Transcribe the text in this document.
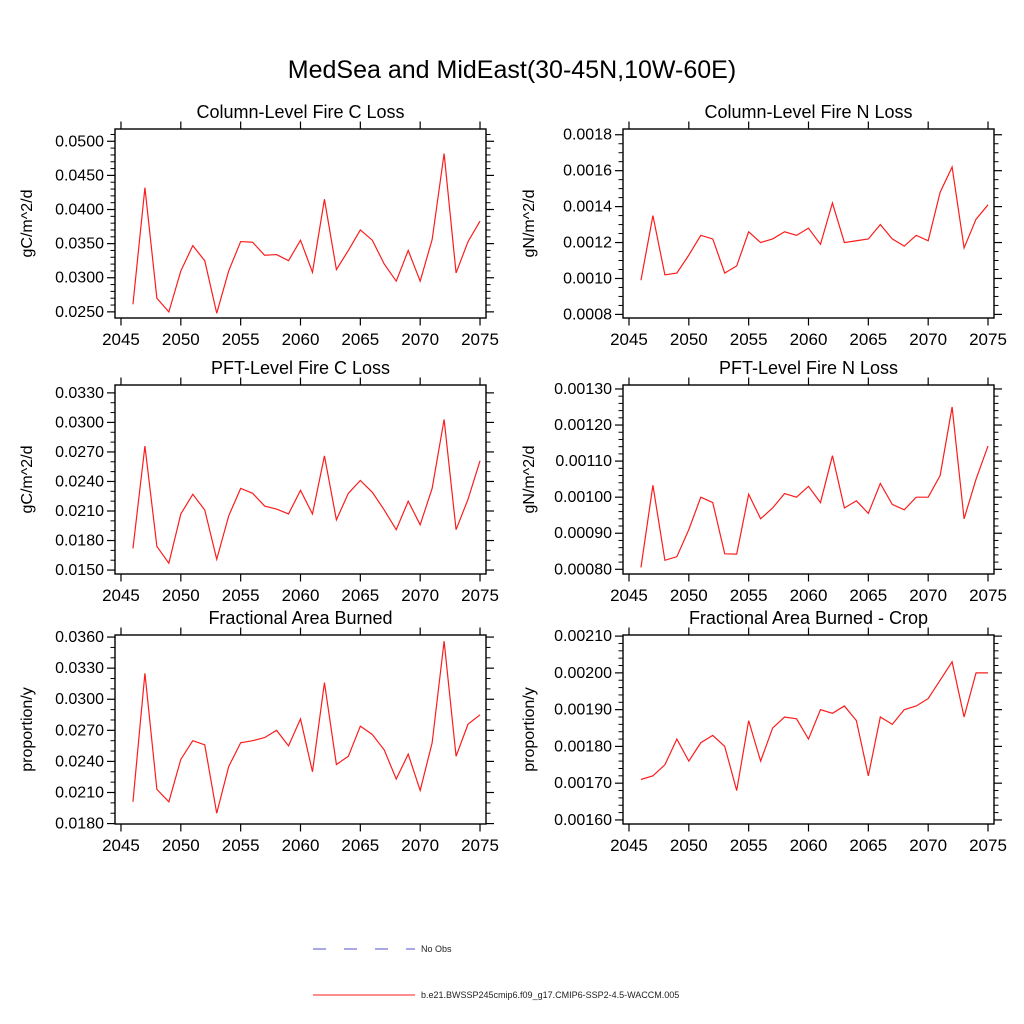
MedSea and MidEast(30-45N,10W-60E)
Column-Level Fire C Loss
gC/m^2/d
2045 2050 2055 2060 2065 2070 2075
0.0250
0.0300
0.0350
0.0400
0.0450
0.0500
Column-Level Fire N Loss
gN/m^2/d
2045 2050 2055 2060 2065 2070 2075
0.0008
0.0010
0.0012
0.0014
0.0016
0.0018
PFT-Level Fire C Loss
gC/m^2/d
2045 2050 2055 2060 2065 2070 2075
0.0150
0.0180
0.0210
0.0240
0.0270
0.0300
0.0330
PFT-Level Fire N Loss
gN/m^2/d
2045 2050 2055 2060 2065 2070 2075
0.00080
0.00090
0.00100
0.00110
0.00120
0.00130
Fractional Area Burned
proportion/y
2045 2050 2055 2060 2065 2070 2075
0.0180
0.0210
0.0240
0.0270
0.0300
0.0330
0.0360
Fractional Area Burned - Crop
proportion/y
2045 2050 2055 2060 2065 2070 2075
0.00160
0.00170
0.00180
0.00190
0.00200
0.00210
No Obs
b.e21.BWSSP245cmip6.f09_g17.CMIP6-SSP2-4.5-WACCM.005
